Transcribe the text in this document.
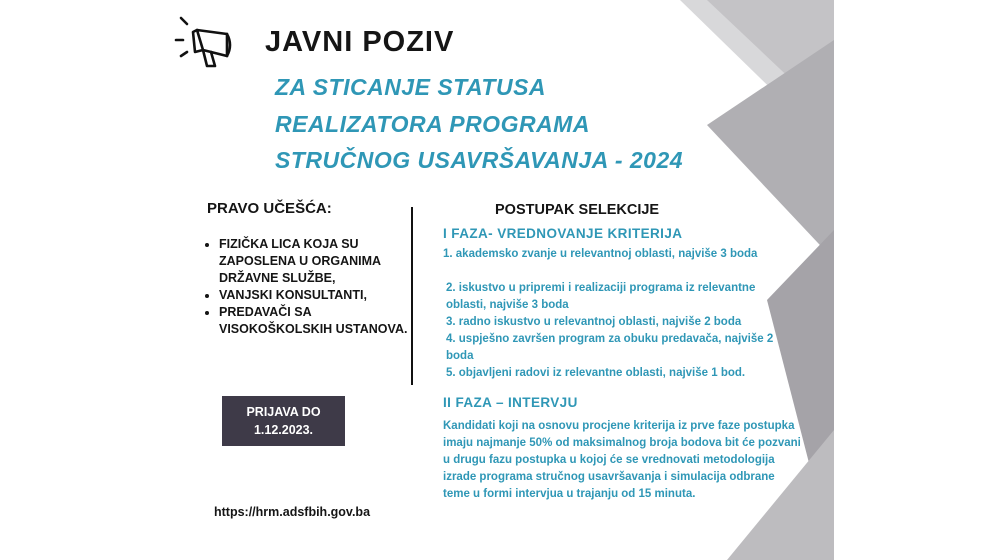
JAVNI POZIV
ZA STICANJE STATUSA
REALIZATORA PROGRAMA
STRUČNOG USAVRŠAVANJA - 2024
PRAVO UČEŠĆA:
• FIZIČKA LICA KOJA SU ZAPOSLENA U ORGANIMA DRŽAVNE SLUŽBE,
• VANJSKI KONSULTANTI,
• PREDAVAČI SA VISOKOŠKOLSKIH USTANOVA.
PRIJAVA DO
1.12.2023.
https://hrm.adsfbih.gov.ba
POSTUPAK SELEKCIJE
I FAZA- VREDNOVANJE KRITERIJA
1. akademsko zvanje u relevantnoj oblasti, najviše 3 boda
2. iskustvo u pripremi i realizaciji programa iz relevantne oblasti, najviše 3 boda
3. radno iskustvo u relevantnoj oblasti, najviše 2 boda
4. uspješno završen program za obuku predavača, najviše 2 boda
5. objavljeni radovi iz relevantne oblasti, najviše 1 bod.
II FAZA – INTERVJU
Kandidati koji na osnovu procjene kriterija iz prve faze postupka imaju najmanje 50% od maksimalnog broja bodova bit će pozvani u drugu fazu postupka u kojoj će se vrednovati metodologija izrade programa stručnog usavršavanja i simulacija odbrane teme u formi intervjua u trajanju od 15 minuta.
